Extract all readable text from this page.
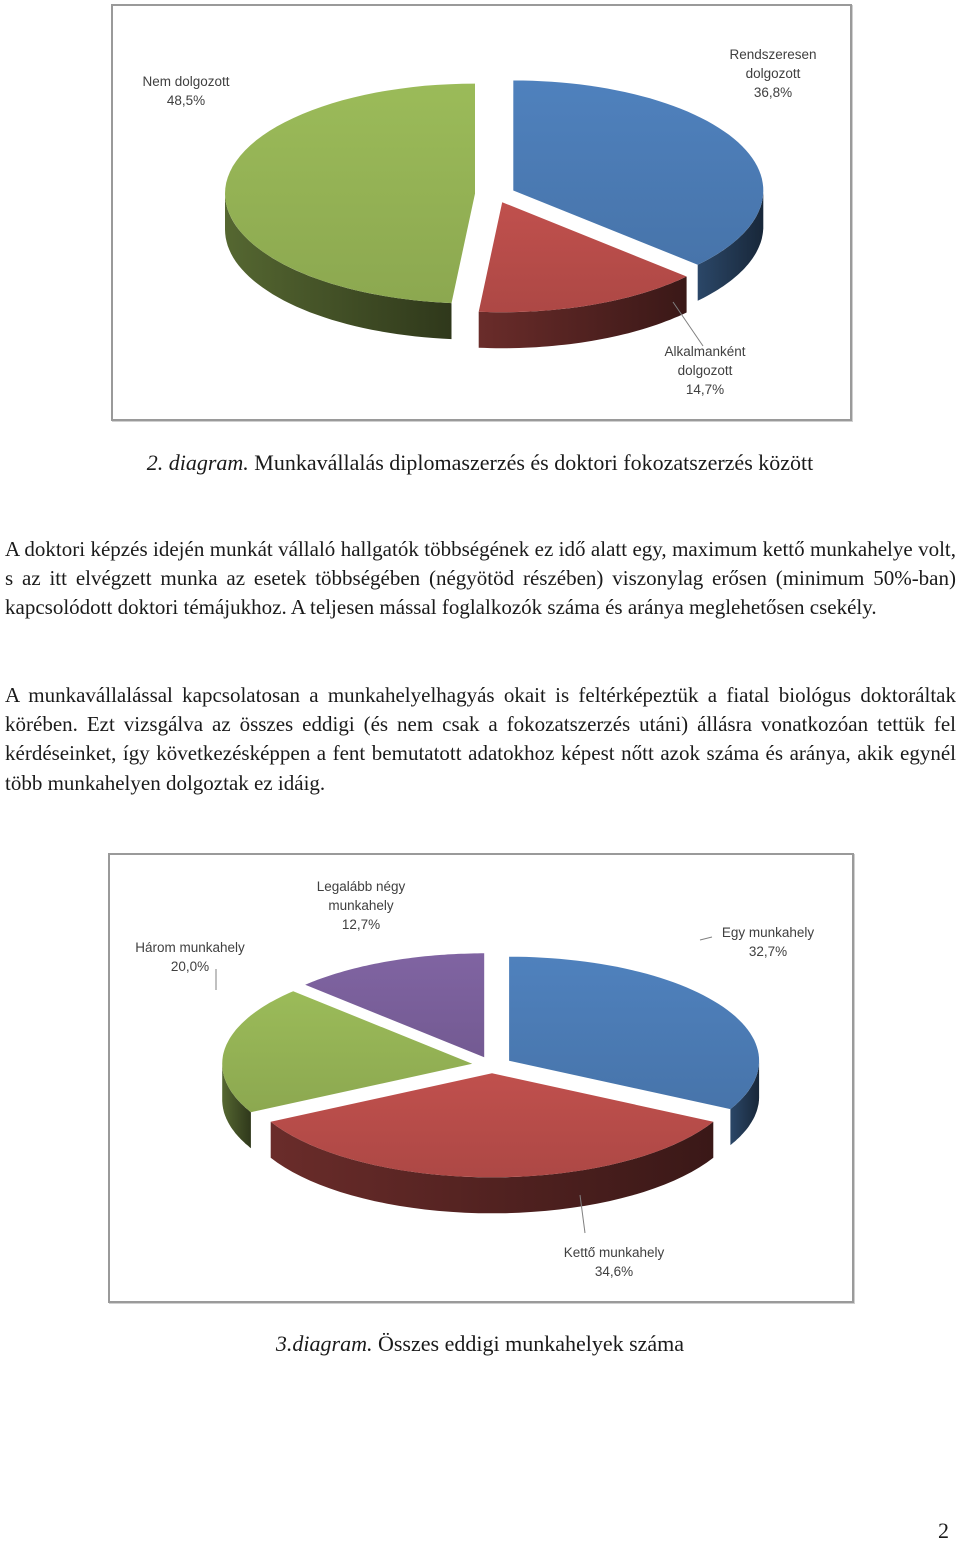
Rendszeresen dolgozott 36,8%
Alkalmanként dolgozott 14,7%
Nem dolgozott 48,5%
2. diagram. Munkavállalás diplomaszerzés és doktori fokozatszerzés között

A doktori képzés idején munkát vállaló hallgatók többségének ez idő alatt egy, maximum kettő munkahelye volt, s az itt elvégzett munka az esetek többségében (négyötöd részében) viszonylag erősen (minimum 50%-ban) kapcsolódott doktori témájukhoz. A teljesen mással foglalkozók száma és aránya meglehetősen csekély.

A munkavállalással kapcsolatosan a munkahelyelhagyás okait is feltérképeztük a fiatal biológus doktoráltak körében. Ezt vizsgálva az összes eddigi (és nem csak a fokozatszerzés utáni) állásra vonatkozóan tettük fel kérdéseinket, így következésképpen a fent bemutatott adatokhoz képest nőtt azok száma és aránya, akik egynél több munkahelyen dolgoztak ez idáig.

Egy munkahely 32,7%
Kettő munkahely 34,6%
Három munkahely 20,0%
Legalább négy munkahely 12,7%
3.diagram. Összes eddigi munkahelyek száma
2
